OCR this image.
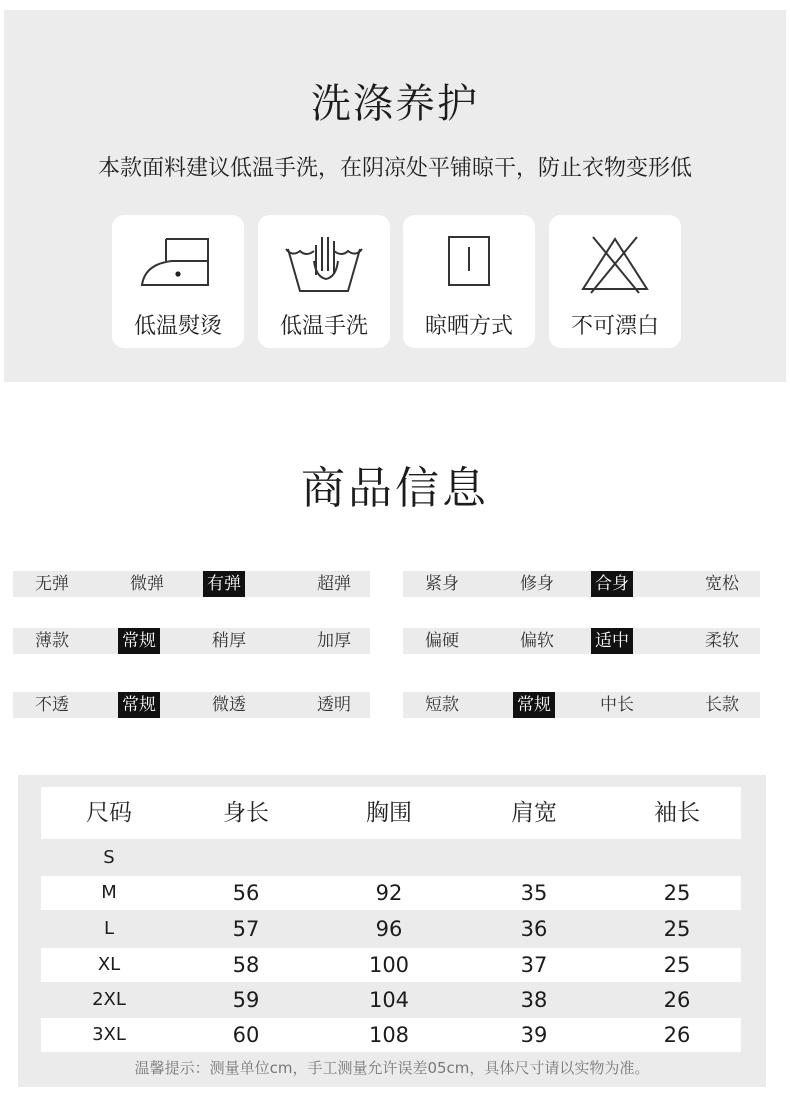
洗涤养护
本款面料建议低温手洗，在阴凉处平铺晾干，防止衣物变形低
低温熨烫	低温手洗	晾晒方式	不可漂白
商品信息
无弹	微弹	有弹	超弹	紧身	修身 合身	宽松
薄款	常规	稍厚	加厚	偏硬	偏软 适中	柔软
不透	常规	微透	透明	短款	常规	中长	长款
尺码	身长	胸围	肩宽	袖长
S
M	56	92	35	25
L	57	96	36	25
XL	58	100	37	25
2XL	59	104	38	26
3XL	60	108	39	26
温馨提示：测量单位cm，手工测量允许误差05cm，具体尺寸请以实物为准。
